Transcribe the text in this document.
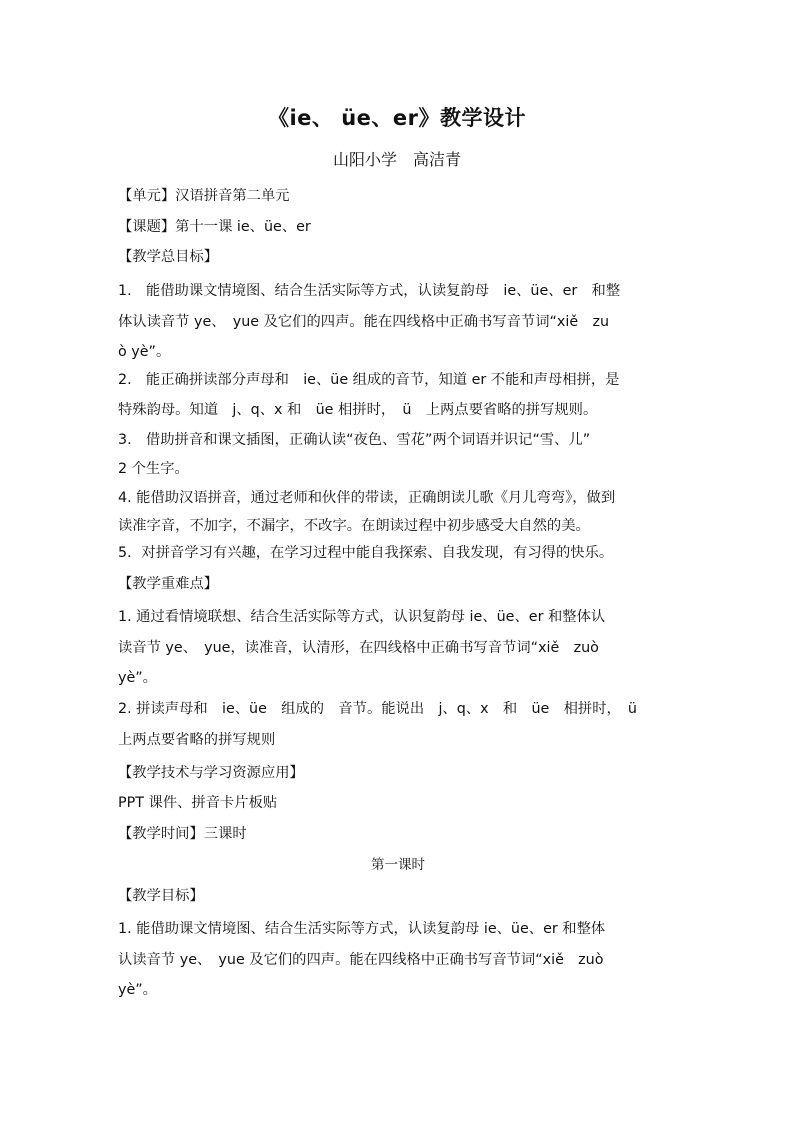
《ie、 üe、er》教学设计
山阳小学　高洁青
【单元】汉语拼音第二单元
【课题】第十一课 ie、üe、er
【教学总目标】
1.　能借助课文情境图、结合生活实际等方式，认读复韵母　ie、üe、er　和整
体认读音节 ye、　yue 及它们的四声。能在四线格中正确书写音节词“xiě　zu
ò yè”。
2.　能正确拼读部分声母和　ie、üe 组成的音节，知道 er 不能和声母相拼，是
特殊韵母。知道　j、q、x 和　üe 相拼时，　ü　上两点要省略的拼写规则。
3.　借助拼音和课文插图，正确认读“夜色、雪花”两个词语并识记“雪、儿”
2 个生字。
4. 能借助汉语拼音，通过老师和伙伴的带读，正确朗读儿歌《月儿弯弯》，做到
读准字音，不加字，不漏字，不改字。在朗读过程中初步感受大自然的美。
5．对拼音学习有兴趣，在学习过程中能自我探索、自我发现，有习得的快乐。
【教学重难点】
1. 通过看情境联想、结合生活实际等方式，认识复韵母 ie、üe、er 和整体认
读音节 ye、　yue，读准音，认清形，在四线格中正确书写音节词“xiě　zuò
yè”。
2. 拼读声母和　ie、üe　组成的　音节。能说出　j、q、x　和　üe　相拼时，　ü
上两点要省略的拼写规则
【教学技术与学习资源应用】
PPT 课件、拼音卡片板贴
【教学时间】三课时
第一课时
【教学目标】
1. 能借助课文情境图、结合生活实际等方式，认读复韵母 ie、üe、er 和整体
认读音节 ye、　yue 及它们的四声。能在四线格中正确书写音节词“xiě　zuò
yè”。
